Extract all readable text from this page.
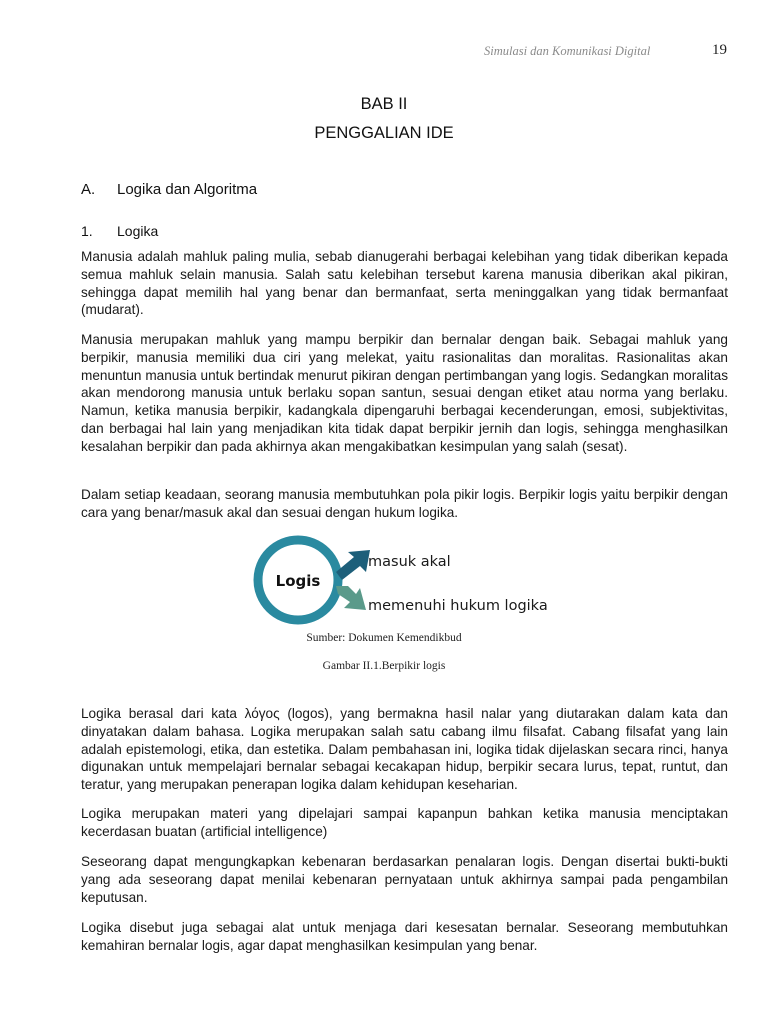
Simulasi dan Komunikasi Digital	19
BAB II
PENGGALIAN IDE
A. Logika dan Algoritma
1. Logika

Manusia adalah mahluk paling mulia, sebab dianugerahi berbagai kelebihan yang tidak diberikan kepada semua mahluk selain manusia. Salah satu kelebihan tersebut karena manusia diberikan akal pikiran, sehingga dapat memilih hal yang benar dan bermanfaat, serta meninggalkan yang tidak bermanfaat (mudarat).

Manusia merupakan mahluk yang mampu berpikir dan bernalar dengan baik. Sebagai mahluk yang berpikir, manusia memiliki dua ciri yang melekat, yaitu rasionalitas dan moralitas. Rasionalitas akan menuntun manusia untuk bertindak menurut pikiran dengan pertimbangan yang logis. Sedangkan moralitas akan mendorong manusia untuk berlaku sopan santun, sesuai dengan etiket atau norma yang berlaku. Namun, ketika manusia berpikir, kadangkala dipengaruhi berbagai kecenderungan, emosi, subjektivitas, dan berbagai hal lain yang menjadikan kita tidak dapat berpikir jernih dan logis, sehingga menghasilkan kesalahan berpikir dan pada akhirnya akan mengakibatkan kesimpulan yang salah (sesat).

Dalam setiap keadaan, seorang manusia membutuhkan pola pikir logis. Berpikir logis yaitu berpikir dengan cara yang benar/masuk akal dan sesuai dengan hukum logika.

Logis
masuk akal
memenuhi hukum logika
Sumber: Dokumen Kemendikbud
Gambar II.1.Berpikir logis

Logika berasal dari kata λόγος (logos), yang bermakna hasil nalar yang diutarakan dalam kata dan dinyatakan dalam bahasa. Logika merupakan salah satu cabang ilmu filsafat. Cabang filsafat yang lain adalah epistemologi, etika, dan estetika. Dalam pembahasan ini, logika tidak dijelaskan secara rinci, hanya digunakan untuk mempelajari bernalar sebagai kecakapan hidup, berpikir secara lurus, tepat, runtut, dan teratur, yang merupakan penerapan logika dalam kehidupan keseharian.

Logika merupakan materi yang dipelajari sampai kapanpun bahkan ketika manusia menciptakan kecerdasan buatan (artificial intelligence)

Seseorang dapat mengungkapkan kebenaran berdasarkan penalaran logis. Dengan disertai bukti-bukti yang ada seseorang dapat menilai kebenaran pernyataan untuk akhirnya sampai pada pengambilan keputusan.

Logika disebut juga sebagai alat untuk menjaga dari kesesatan bernalar. Seseorang membutuhkan kemahiran bernalar logis, agar dapat menghasilkan kesimpulan yang benar.
